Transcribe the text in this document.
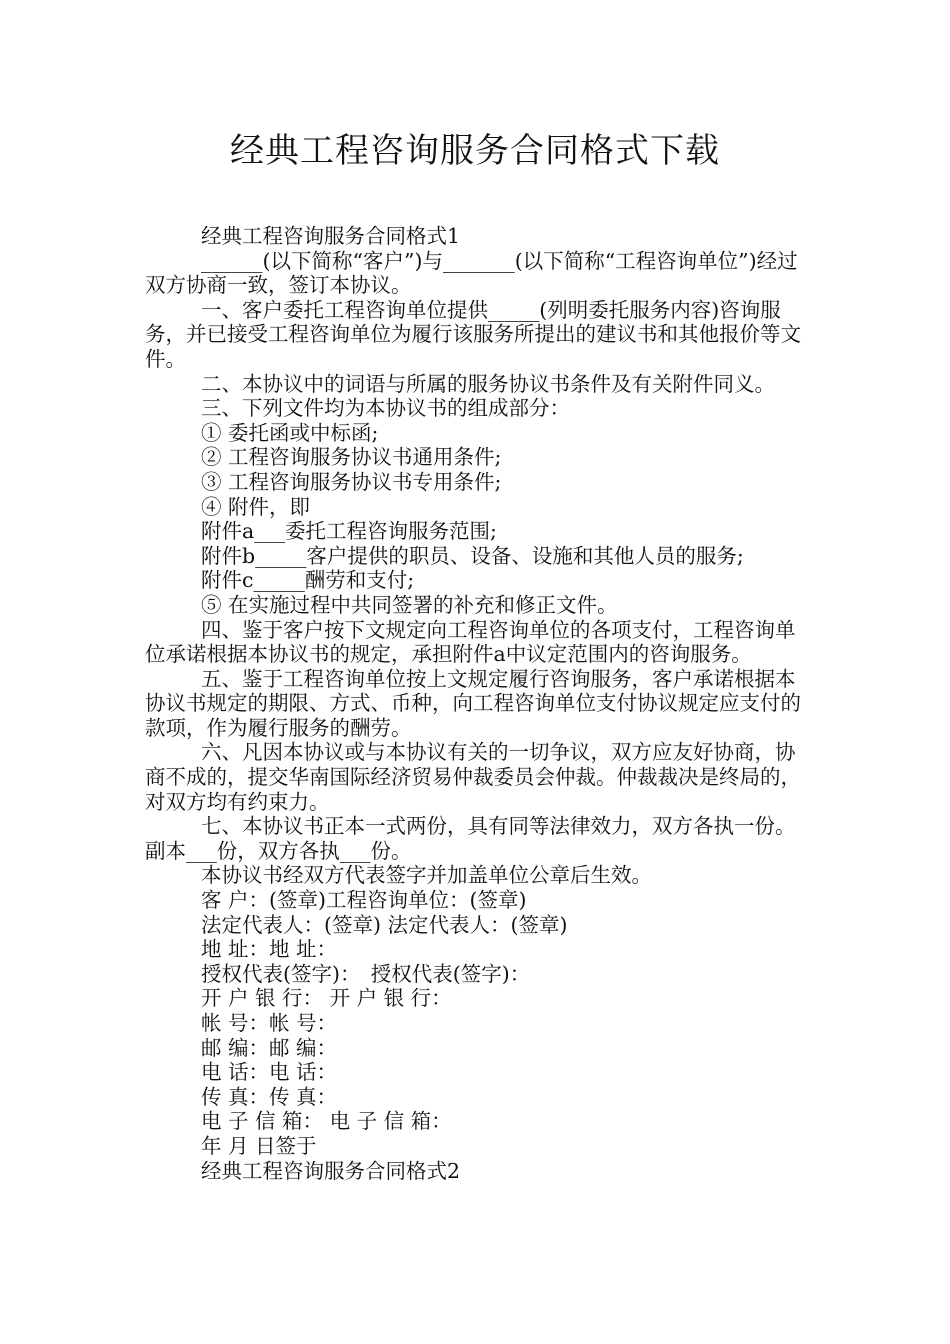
经典工程咨询服务合同格式下载

经典工程咨询服务合同格式1

______(以下简称“客户”)与_______(以下简称“工程咨询单位”)经过双方协商一致，签订本协议。

一、客户委托工程咨询单位提供_____(列明委托服务内容)咨询服务，并已接受工程咨询单位为履行该服务所提出的建议书和其他报价等文件。

二、本协议中的词语与所属的服务协议书条件及有关附件同义。

三、下列文件均为本协议书的组成部分：

① 委托函或中标函;

② 工程咨询服务协议书通用条件;

③ 工程咨询服务协议书专用条件;

④ 附件，即

附件a___委托工程咨询服务范围;

附件b_____客户提供的职员、设备、设施和其他人员的服务;

附件c_____酬劳和支付;

⑤ 在实施过程中共同签署的补充和修正文件。

四、鉴于客户按下文规定向工程咨询单位的各项支付，工程咨询单位承诺根据本协议书的规定，承担附件a中议定范围内的咨询服务。

五、鉴于工程咨询单位按上文规定履行咨询服务，客户承诺根据本协议书规定的期限、方式、币种，向工程咨询单位支付协议规定应支付的款项，作为履行服务的酬劳。

六、凡因本协议或与本协议有关的一切争议，双方应友好协商，协商不成的，提交华南国际经济贸易仲裁委员会仲裁。仲裁裁决是终局的，对双方均有约束力。

七、本协议书正本一式两份，具有同等法律效力，双方各执一份。副本___份，双方各执___份。

本协议书经双方代表签字并加盖单位公章后生效。

客 户：(签章)工程咨询单位：(签章)

法定代表人：(签章) 法定代表人：(签章)

地 址：地 址：

授权代表(签字)：　授权代表(签字)：

开 户 银 行： 开 户 银 行：

帐 号：帐 号：

邮 编：邮 编：

电 话：电 话：

传 真：传 真：

电 子 信 箱： 电 子 信 箱：

年 月 日签于

经典工程咨询服务合同格式2
